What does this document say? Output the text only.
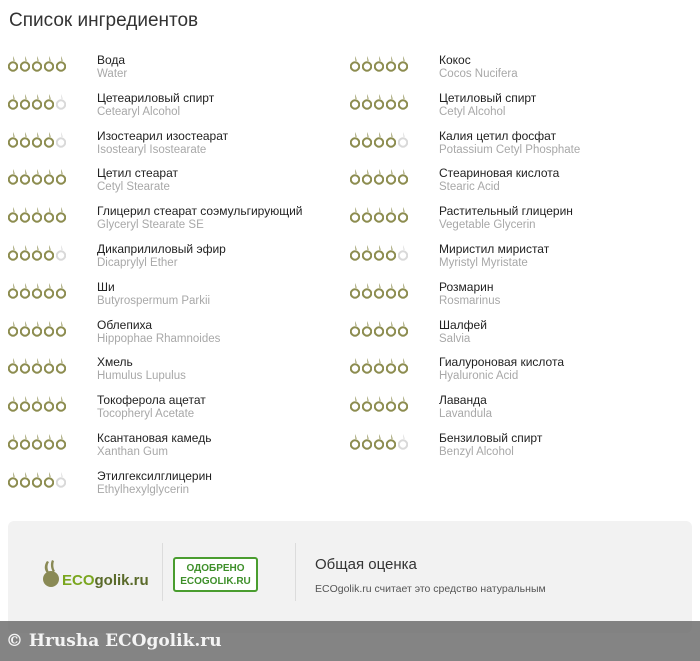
Список ингредиентов
Вода
Water
Кокос
Cocos Nucifera
Цетеариловый спирт
Cetearyl Alcohol
Цетиловый спирт
Cetyl Alcohol
Изостеарил изостеарат
Isostearyl Isostearate
Калия цетил фосфат
Potassium Cetyl Phosphate
Цетил стеарат
Cetyl Stearate
Стеариновая кислота
Stearic Acid
Глицерил стеарат соэмульгирующий
Glyceryl Stearate SE
Растительный глицерин
Vegetable Glycerin
Дикаприлиловый эфир
Dicaprylyl Ether
Миристил миристат
Myristyl Myristate
Ши
Butyrospermum Parkii
Розмарин
Rosmarinus
Облепиха
Hippophae Rhamnoides
Шалфей
Salvia
Хмель
Humulus Lupulus
Гиалуроновая кислота
Hyaluronic Acid
Токоферола ацетат
Tocopheryl Acetate
Лаванда
Lavandula
Ксантановая камедь
Xanthan Gum
Бензиловый спирт
Benzyl Alcohol
Этилгексилглицерин
Ethylhexylglycerin
ECOgolik.ru
ОДОБРЕНО
ECOGOLIK.RU
Общая оценка
ECOgolik.ru считает это средство натуральным
© Hrusha ECOgolik.ru
